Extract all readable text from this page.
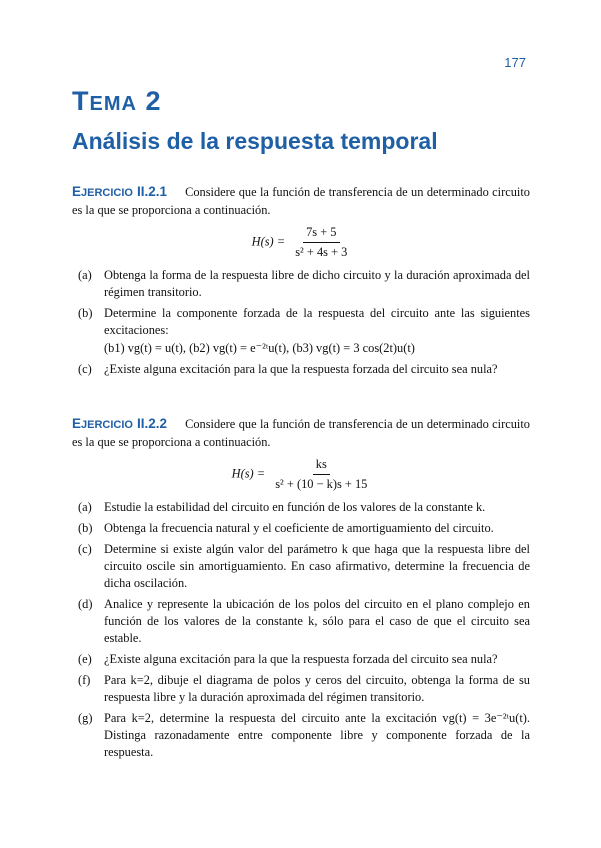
177
TEMA 2
Análisis de la respuesta temporal
EJERCICIO II.2.1 Considere que la función de transferencia de un determinado circuito es la que se proporciona a continuación.
$H(s) = \frac{7s + 5}{\text{s² + 4s + 3}}$
(a) Obtenga la forma de la respuesta libre de dicho circuito y la duración aproximada del régimen transitorio.
(b) Determine la componente forzada de la respuesta del circuito ante las siguientes excitaciones:
(b1) vg(t) = u(t), (b2) vg(t) = e⁻²ᵗu(t), (b3) vg(t) = 3 cos(2t)u(t)
(c) ¿Existe alguna excitación para la que la respuesta forzada del circuito sea nula?
EJERCICIO II.2.2 Considere que la función de transferencia de un determinado circuito es la que se proporciona a continuación.
$H(s) = \frac{ks}{\text{s² + (10 − k)s + 15}}$
(a) Estudie la estabilidad del circuito en función de los valores de la constante k.
(b) Obtenga la frecuencia natural y el coeficiente de amortiguamiento del circuito.
(c) Determine si existe algún valor del parámetro k que haga que la respuesta libre del circuito oscile sin amortiguamiento. En caso afirmativo, determine la frecuencia de dicha oscilación.
(d) Analice y represente la ubicación de los polos del circuito en el plano complejo en función de los valores de la constante k, sólo para el caso de que el circuito sea estable.
(e) ¿Existe alguna excitación para la que la respuesta forzada del circuito sea nula?
(f)	Para k=2, dibuje el diagrama de polos y ceros del circuito, obtenga la forma de su respuesta libre y la duración aproximada del régimen transitorio.
(g) Para k=2, determine la respuesta del circuito ante la excitación vg(t) = 3e⁻²ᵗu(t). Distinga razonadamente entre componente libre y componente forzada de la respuesta.
